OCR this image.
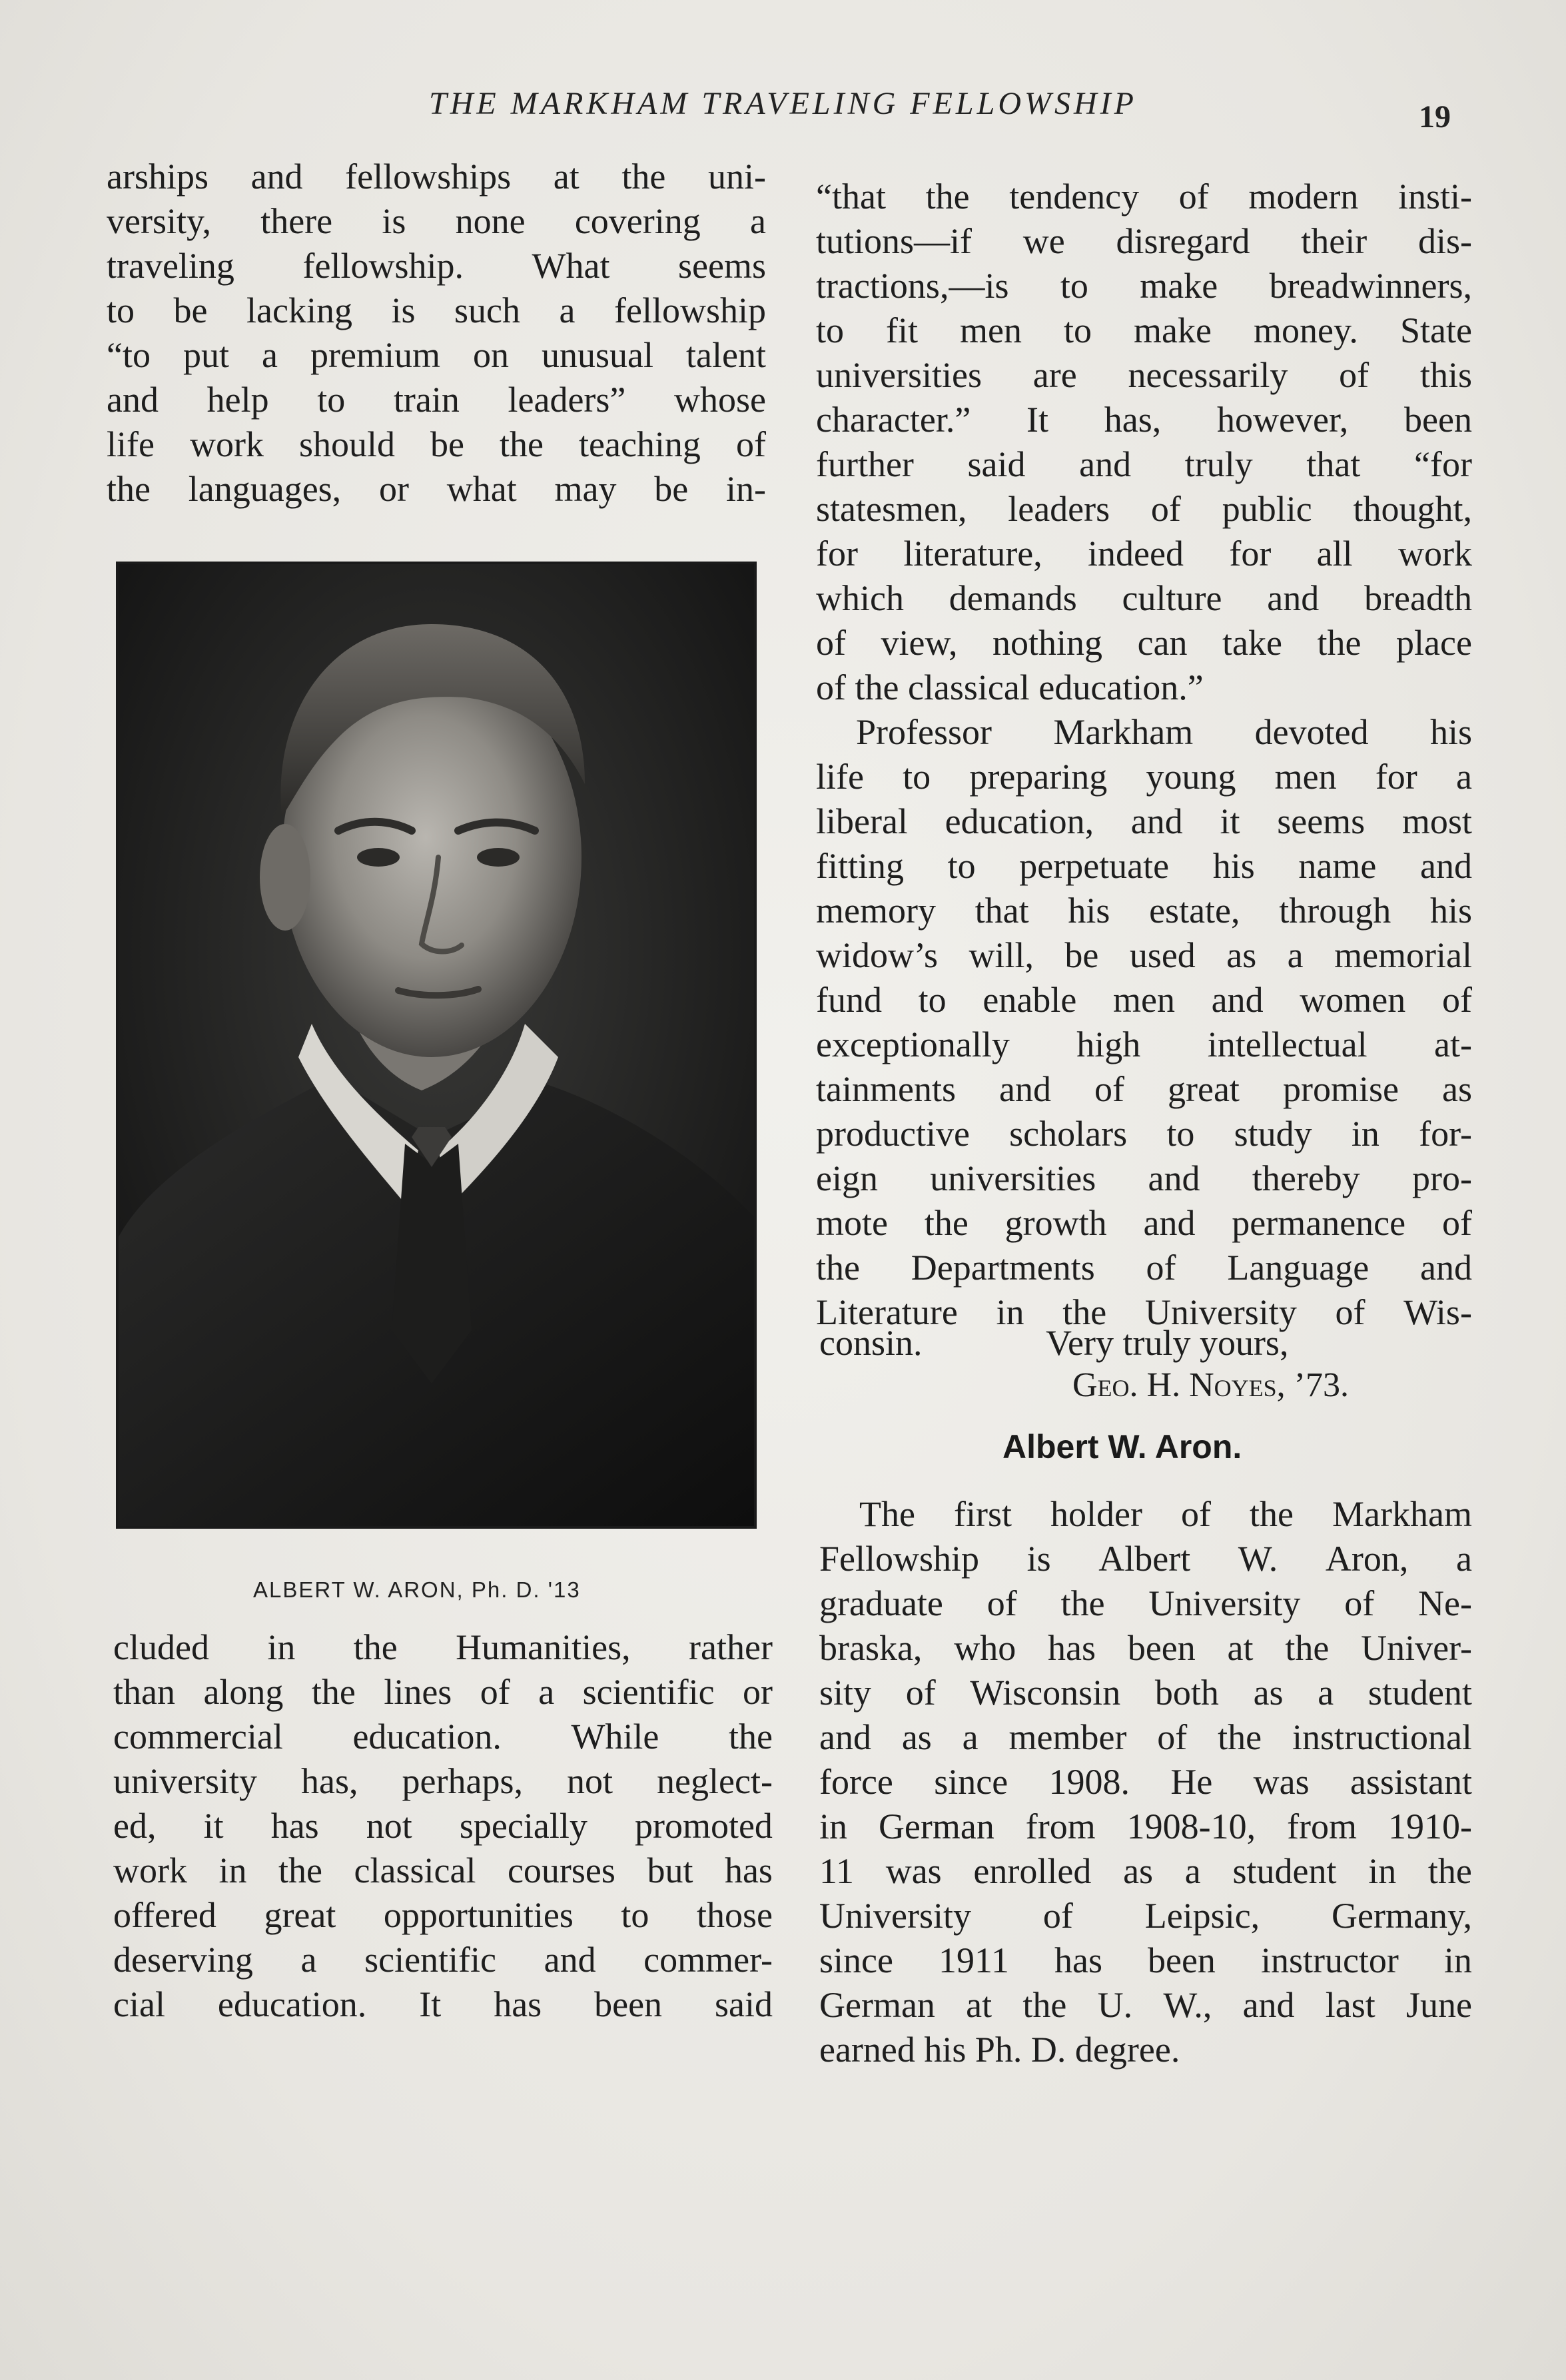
THE MARKHAM TRAVELING FELLOWSHIP	19
arships and fellowships at the uni-
versity, there is none covering a
traveling fellowship. What seems
to be lacking is such a fellowship
“to put a premium on unusual talent
and help to train leaders” whose
life work should be the teaching of
the languages, or what may be in-
ALBERT W. ARON, Ph. D. '13
cluded in the Humanities, rather
than along the lines of a scientific or
commercial education. While the
university has, perhaps, not neglect-
ed, it has not specially promoted
work in the classical courses but has
offered great opportunities to those
deserving a scientific and commer-
cial education. It has been said
“that the tendency of modern insti-
tutions—if we disregard their dis-
tractions,—is to make breadwinners,
to fit men to make money. State
universities are necessarily of this
character.” It has, however, been
further said and truly that “for
statesmen, leaders of public thought,
for literature, indeed for all work
which demands culture and breadth
of view, nothing can take the place
of the classical education.”
Professor Markham devoted his
life to preparing young men for a
liberal education, and it seems most
fitting to perpetuate his name and
memory that his estate, through his
widow’s will, be used as a memorial
fund to enable men and women of
exceptionally high intellectual at-
tainments and of great promise as
productive scholars to study in for-
eign universities and thereby pro-
mote the growth and permanence of
the Departments of Language and
Literature in the University of Wis-
consin.	Very truly yours,
Geo. H. Noyes, ’73.
Albert W. Aron.
The first holder of the Markham
Fellowship is Albert W. Aron, a
graduate of the University of Ne-
braska, who has been at the Univer-
sity of Wisconsin both as a student
and as a member of the instructional
force since 1908. He was assistant
in German from 1908-10, from 1910-
11 was enrolled as a student in the
University of Leipsic, Germany,
since 1911 has been instructor in
German at the U. W., and last June
earned his Ph. D. degree.
